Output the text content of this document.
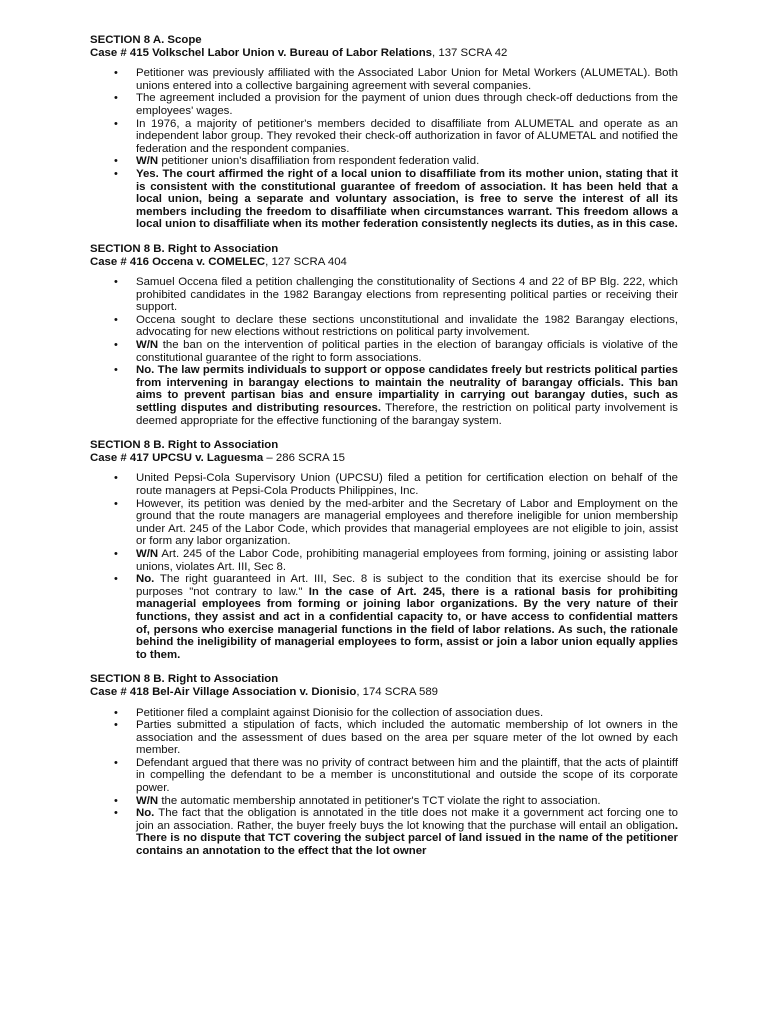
SECTION 8 A. Scope
Case # 415 Volkschel Labor Union v. Bureau of Labor Relations, 137 SCRA 42
• Petitioner was previously affiliated with the Associated Labor Union for Metal Workers (ALUMETAL). Both unions entered into a collective bargaining agreement with several companies.
• The agreement included a provision for the payment of union dues through check-off deductions from the employees' wages.
• In 1976, a majority of petitioner's members decided to disaffiliate from ALUMETAL and operate as an independent labor group. They revoked their check-off authorization in favor of ALUMETAL and notified the federation and the respondent companies.
• W/N petitioner union's disaffiliation from respondent federation valid.
• Yes. The court affirmed the right of a local union to disaffiliate from its mother union, stating that it is consistent with the constitutional guarantee of freedom of association. It has been held that a local union, being a separate and voluntary association, is free to serve the interest of all its members including the freedom to disaffiliate when circumstances warrant. This freedom allows a local union to disaffiliate when its mother federation consistently neglects its duties, as in this case.
SECTION 8 B. Right to Association
Case # 416 Occena v. COMELEC, 127 SCRA 404
• Samuel Occena filed a petition challenging the constitutionality of Sections 4 and 22 of BP Blg. 222, which prohibited candidates in the 1982 Barangay elections from representing political parties or receiving their support.
• Occena sought to declare these sections unconstitutional and invalidate the 1982 Barangay elections, advocating for new elections without restrictions on political party involvement.
• W/N the ban on the intervention of political parties in the election of barangay officials is violative of the constitutional guarantee of the right to form associations.
• No. The law permits individuals to support or oppose candidates freely but restricts political parties from intervening in barangay elections to maintain the neutrality of barangay officials. This ban aims to prevent partisan bias and ensure impartiality in carrying out barangay duties, such as settling disputes and distributing resources. Therefore, the restriction on political party involvement is deemed appropriate for the effective functioning of the barangay system.
SECTION 8 B. Right to Association
Case # 417 UPCSU v. Laguesma – 286 SCRA 15
• United Pepsi-Cola Supervisory Union (UPCSU) filed a petition for certification election on behalf of the route managers at Pepsi-Cola Products Philippines, Inc.
• However, its petition was denied by the med-arbiter and the Secretary of Labor and Employment on the ground that the route managers are managerial employees and therefore ineligible for union membership under Art. 245 of the Labor Code, which provides that managerial employees are not eligible to join, assist or form any labor organization.
• W/N Art. 245 of the Labor Code, prohibiting managerial employees from forming, joining or assisting labor unions, violates Art. III, Sec 8.
• No. The right guaranteed in Art. III, Sec. 8 is subject to the condition that its exercise should be for purposes "not contrary to law." In the case of Art. 245, there is a rational basis for prohibiting managerial employees from forming or joining labor organizations. By the very nature of their functions, they assist and act in a confidential capacity to, or have access to confidential matters of, persons who exercise managerial functions in the field of labor relations. As such, the rationale behind the ineligibility of managerial employees to form, assist or join a labor union equally applies to them.
SECTION 8 B. Right to Association
Case # 418 Bel-Air Village Association v. Dionisio, 174 SCRA 589
• Petitioner filed a complaint against Dionisio for the collection of association dues.
• Parties submitted a stipulation of facts, which included the automatic membership of lot owners in the association and the assessment of dues based on the area per square meter of the lot owned by each member.
• Defendant argued that there was no privity of contract between him and the plaintiff, that the acts of plaintiff in compelling the defendant to be a member is unconstitutional and outside the scope of its corporate power.
• W/N the automatic membership annotated in petitioner's TCT violate the right to association.
• No. The fact that the obligation is annotated in the title does not make it a government act forcing one to join an association. Rather, the buyer freely buys the lot knowing that the purchase will entail an obligation. There is no dispute that TCT covering the subject parcel of land issued in the name of the petitioner contains an annotation to the effect that the lot owner
